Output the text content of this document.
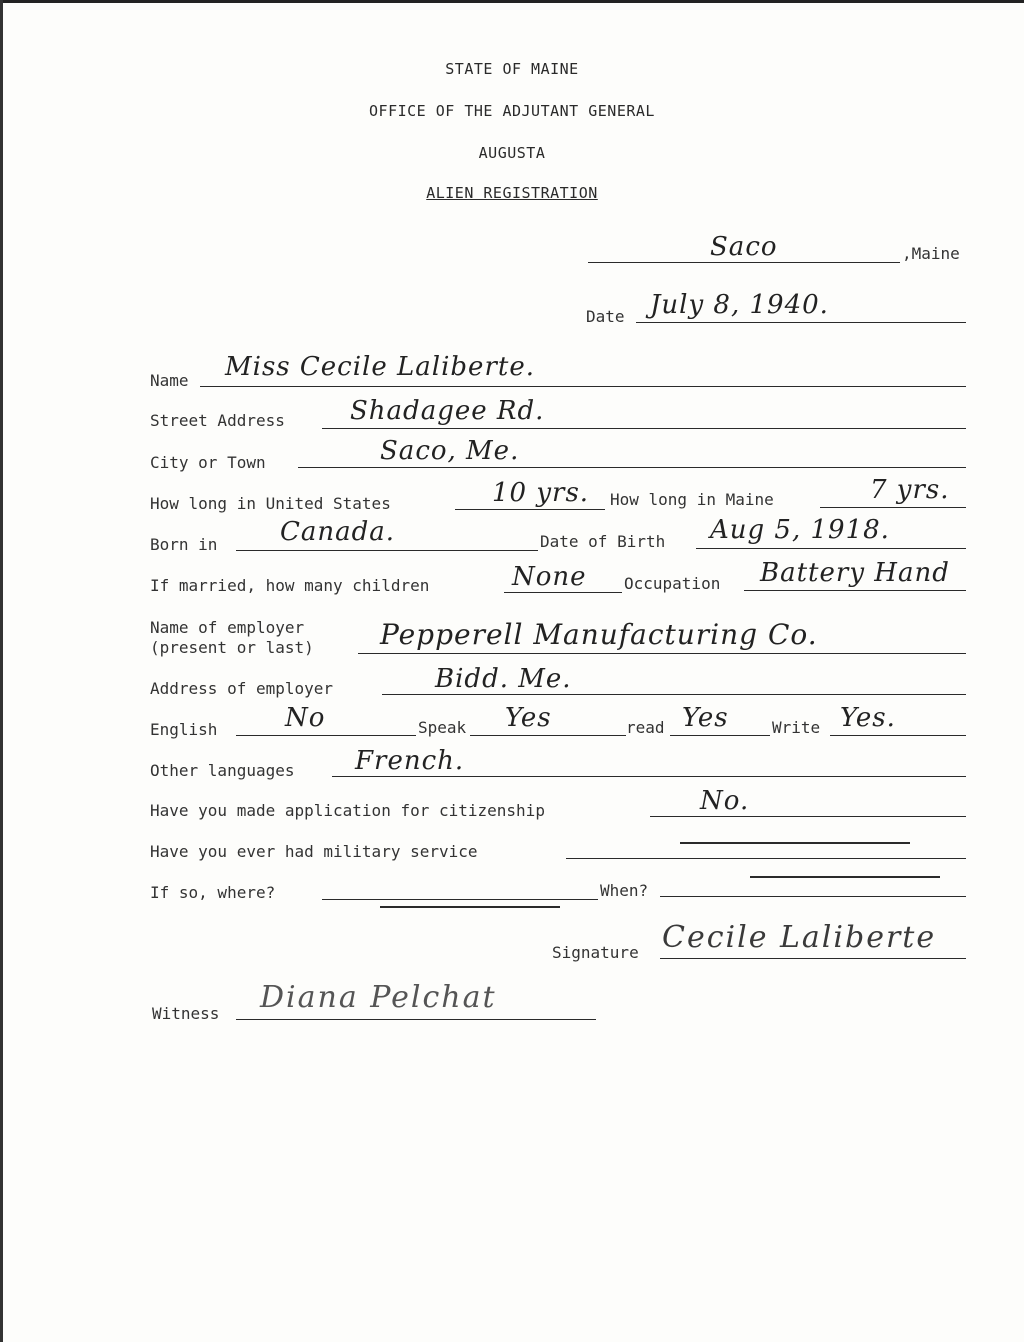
STATE OF MAINE
OFFICE OF THE ADJUTANT GENERAL
AUGUSTA
ALIEN REGISTRATION
Saco	,Maine
Date July 8, 1940.
Name Miss Cecile Laliberte.
Street Address	Shadagee Rd.
City or Town	Saco, Me.
How long in United States	10 yrs. How long in Maine	7 yrs.
Born in Canada.	Date of Birth Aug 5, 1918.
If married, how many children	None Occupation Battery Hand
Name of employer
(present or last) Pepperell Manufacturing Co.
Address of employer	Bidd. Me.
English	No	Speak Yes	read Yes	Write Yes.
Other languages French.
Have you made application for citizenship	No.
Have you ever had military service
If so, where?	When?
Signature Cecile Laliberte
Witness Diana Pelchat
